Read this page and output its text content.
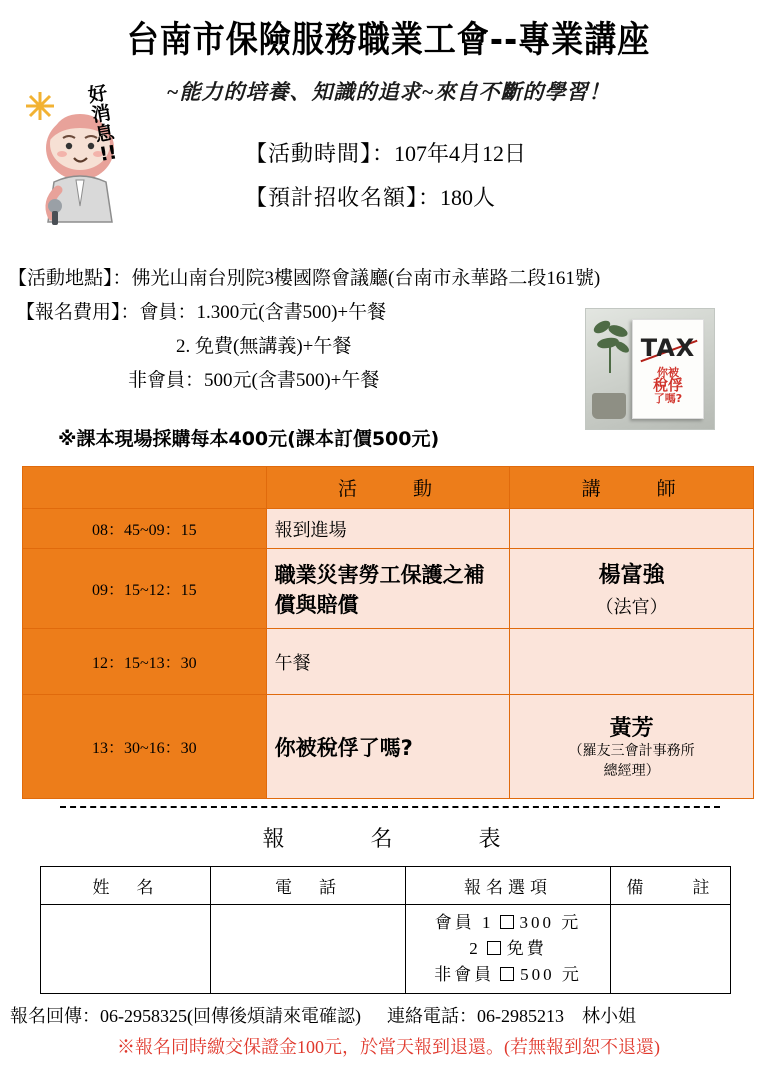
台南市保險服務職業工會--專業講座
~能力的培養、知識的追求~來自不斷的學習！
好
消
息
!!	【活動時間】：107年4月12日
【預計招收名額】：180人
TAX
你被
稅俘
了嗎?
【活動地點】：佛光山南台別院3樓國際會議廳(台南市永華路二段161號)
【報名費用】：會員：1.300元(含書500)+午餐
2. 免費(無講義)+午餐
非會員：500元(含書500)+午餐
※課本現場採購每本400元(課本訂價500元)
	活　　動	講　　師
08：45~09：15	報到進場	
09：15~12：15	職業災害勞工保護之補償與賠償	楊富強
（法官）

12：15~13：30	午餐	
13：30~16：30	你被稅俘了嗎?	黃芳
（羅友三會計事務所
總經理）
報　　名　　表
姓　名	電　話	報名選項	備　　註

		會員 1 300 元
2 免費
非會員 500 元	

報名回傳：06-2958325(回傳後煩請來電確認) 連絡電話：06-2985213　林小姐
※報名同時繳交保證金100元，於當天報到退還。(若無報到恕不退還)
